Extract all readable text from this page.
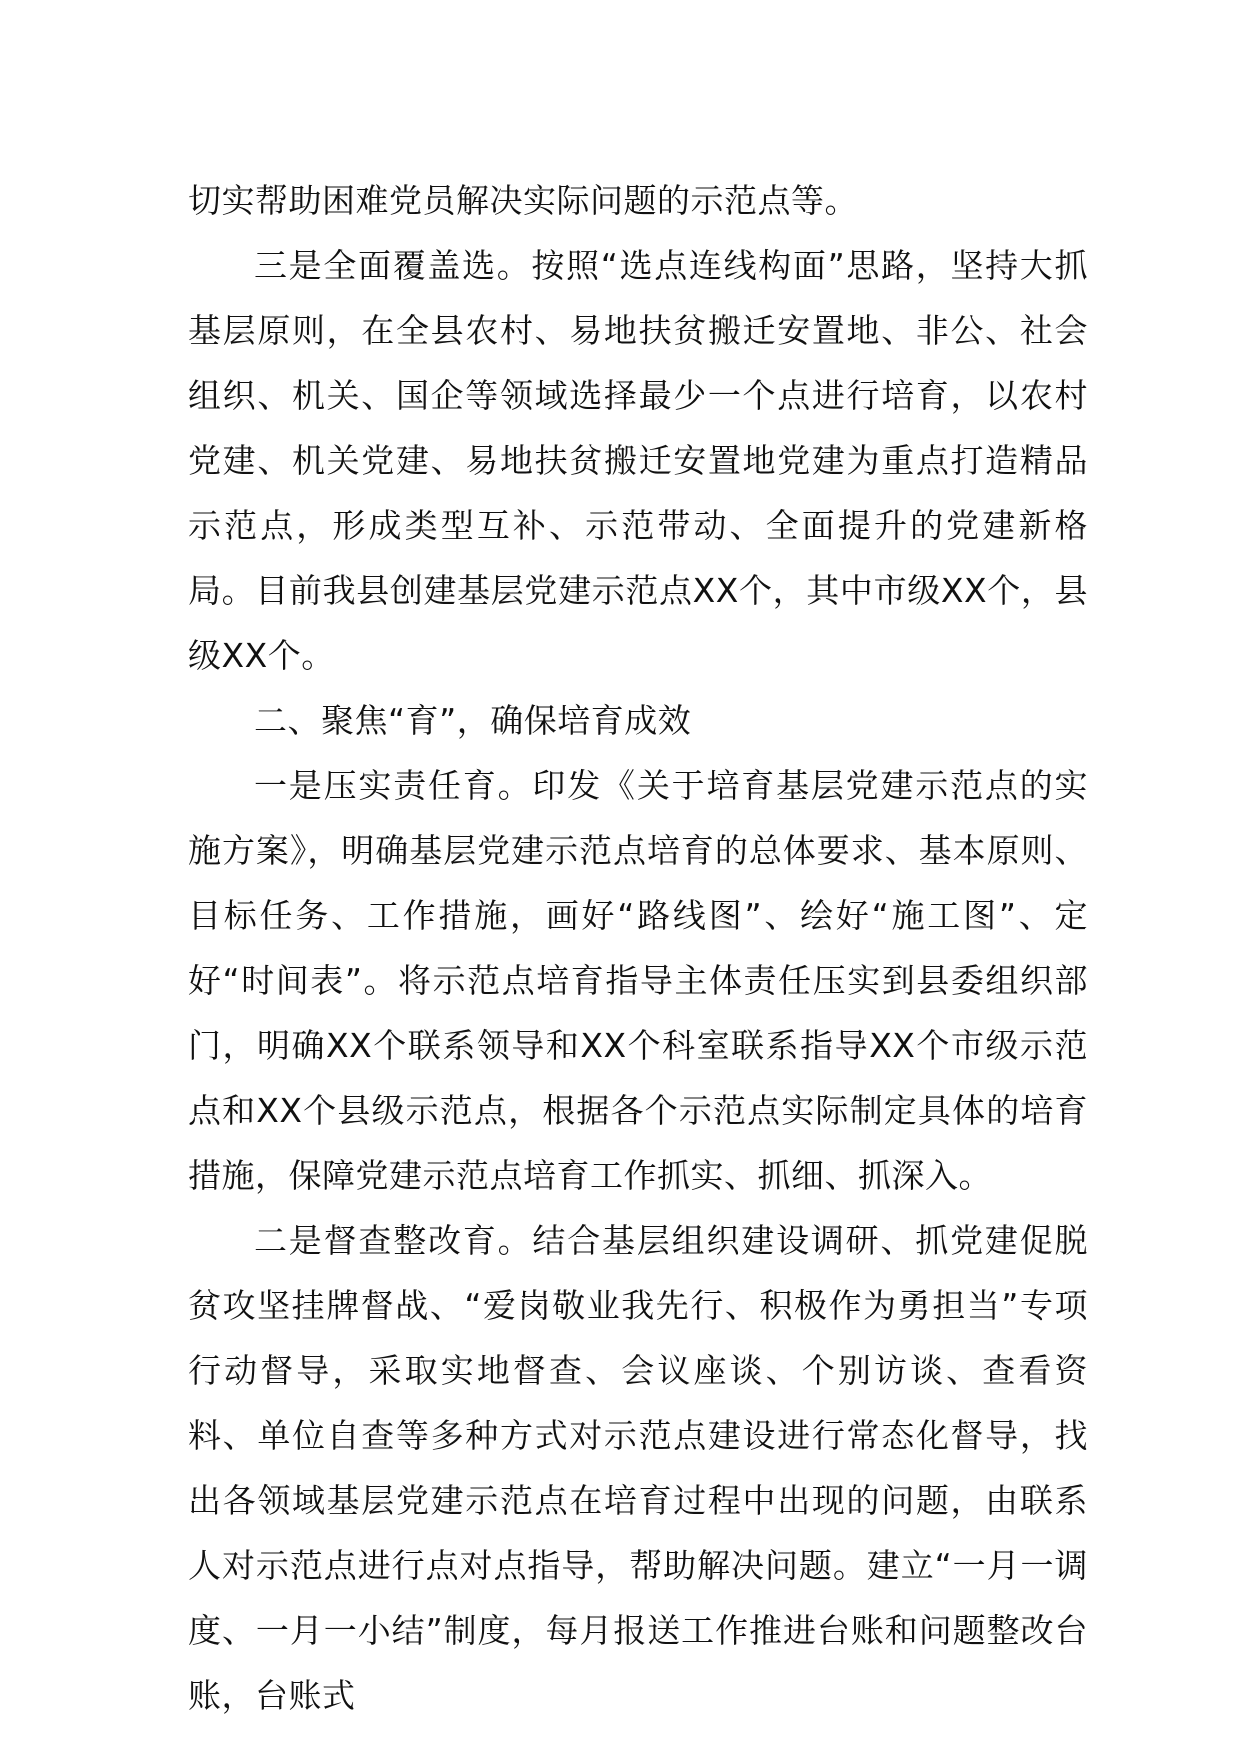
切实帮助困难党员解决实际问题的示范点等。

三是全面覆盖选。按照“选点连线构面”思路，坚持大抓基层原则，在全县农村、易地扶贫搬迁安置地、非公、社会组织、机关、国企等领域选择最少一个点进行培育，以农村党建、机关党建、易地扶贫搬迁安置地党建为重点打造精品示范点，形成类型互补、示范带动、全面提升的党建新格局。目前我县创建基层党建示范点XX个，其中市级XX个，县级XX个。

二、聚焦“育”，确保培育成效

一是压实责任育。印发《关于培育基层党建示范点的实施方案》，明确基层党建示范点培育的总体要求、基本原则、目标任务、工作措施，画好“路线图”、绘好“施工图”、定好“时间表”。将示范点培育指导主体责任压实到县委组织部门，明确XX个联系领导和XX个科室联系指导XX个市级示范点和XX个县级示范点，根据各个示范点实际制定具体的培育措施，保障党建示范点培育工作抓实、抓细、抓深入。

二是督查整改育。结合基层组织建设调研、抓党建促脱贫攻坚挂牌督战、“爱岗敬业我先行、积极作为勇担当”专项行动督导，采取实地督查、会议座谈、个别访谈、查看资料、单位自查等多种方式对示范点建设进行常态化督导，找出各领域基层党建示范点在培育过程中出现的问题，由联系人对示范点进行点对点指导，帮助解决问题。建立“一月一调度、一月一小结”制度，每月报送工作推进台账和问题整改台账，台账式
